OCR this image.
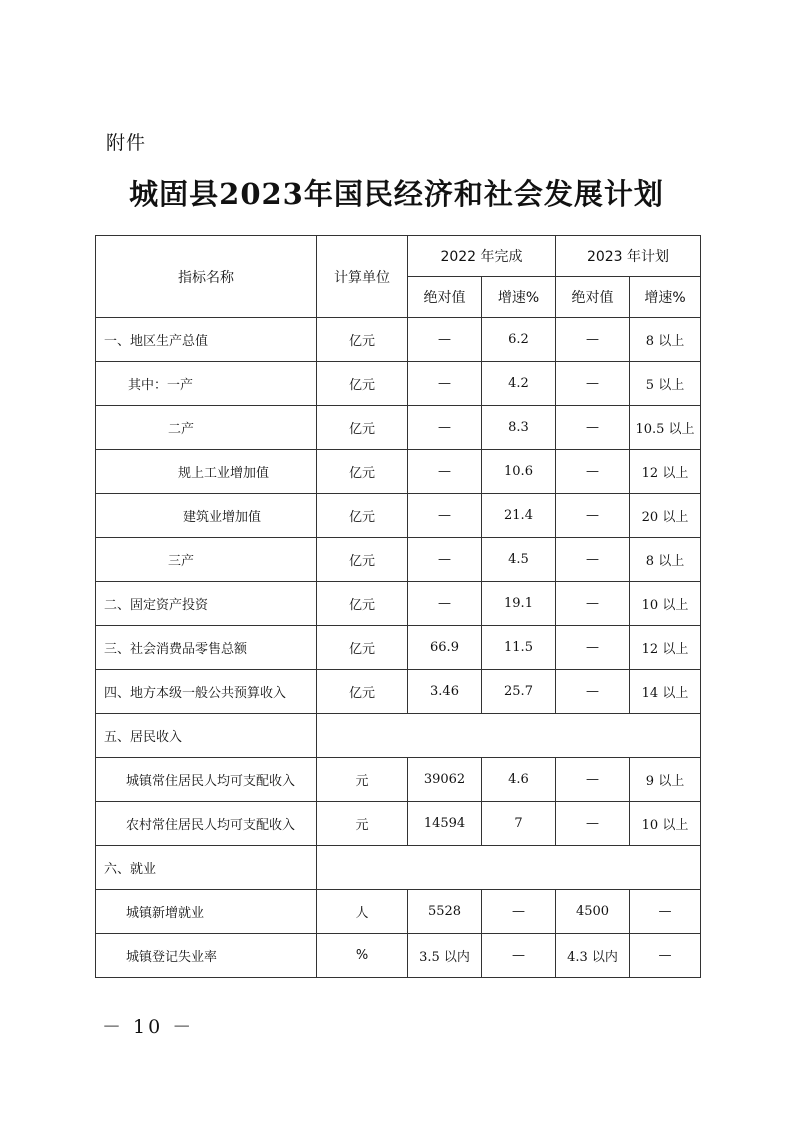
附件
城固县2023年国民经济和社会发展计划
指标名称	计算单位	2022 年完成		2023 年计划	
		绝对值	增速%	绝对值	增速%
一、地区生产总值	亿元	—	6.2	—	8 以上
其中：一产	亿元	—	4.2	—	5 以上
二产	亿元	—	8.3	—	10.5 以上
规上工业增加值	亿元	—	10.6	—	12 以上
建筑业增加值	亿元	—	21.4	—	20 以上
三产	亿元	—	4.5	—	8 以上
二、固定资产投资	亿元	—	19.1	—	10 以上
三、社会消费品零售总额	亿元	66.9	11.5	—	12 以上
四、地方本级一般公共预算收入	亿元	3.46	25.7	—	14 以上
五、居民收入					
城镇常住居民人均可支配收入	元	39062	4.6	—	9 以上
农村常住居民人均可支配收入	元	14594	7	—	10 以上
六、就业					
城镇新增就业	人	5528	—	4500	—
城镇登记失业率	%	3.5 以内	—	4.3 以内	—
－ 10 －
